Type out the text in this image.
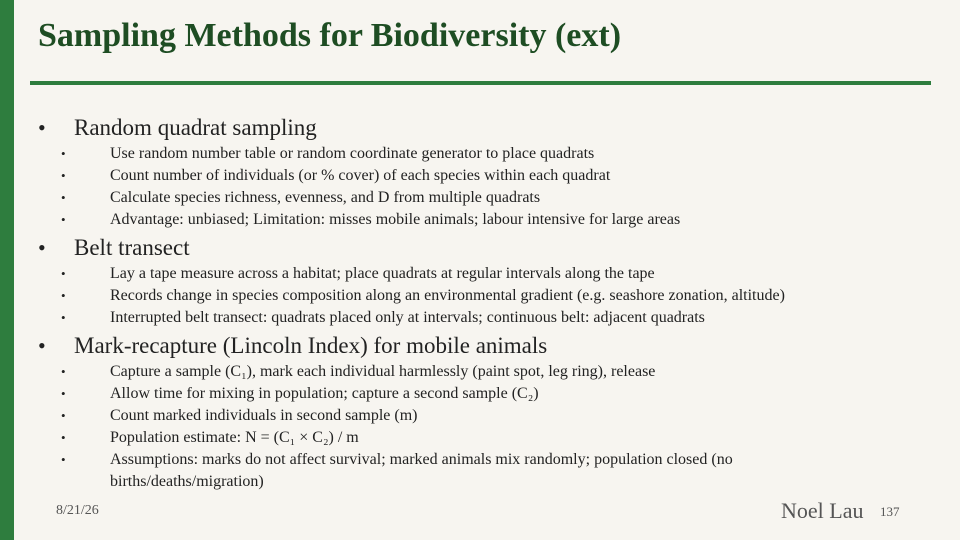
Sampling Methods for Biodiversity (ext)
• Random quadrat sampling
•	Use random number table or random coordinate generator to place quadrats
•	Count number of individuals (or % cover) of each species within each quadrat
•	Calculate species richness, evenness, and D from multiple quadrats
•	Advantage: unbiased; Limitation: misses mobile animals; labour intensive for large areas
• Belt transect
•	Lay a tape measure across a habitat; place quadrats at regular intervals along the tape
•	Records change in species composition along an environmental gradient (e.g. seashore zonation, altitude)
•	Interrupted belt transect: quadrats placed only at intervals; continuous belt: adjacent quadrats
• Mark-recapture (Lincoln Index) for mobile animals
•	Capture a sample (C₁), mark each individual harmlessly (paint spot, leg ring), release
•	Allow time for mixing in population; capture a second sample (C₂)
•	Count marked individuals in second sample (m)
•	Population estimate: N = (C₁ × C₂) / m
•	Assumptions: marks do not affect survival; marked animals mix randomly; population closed (no births/deaths/migration)
8/21/26	Noel Lau 137
